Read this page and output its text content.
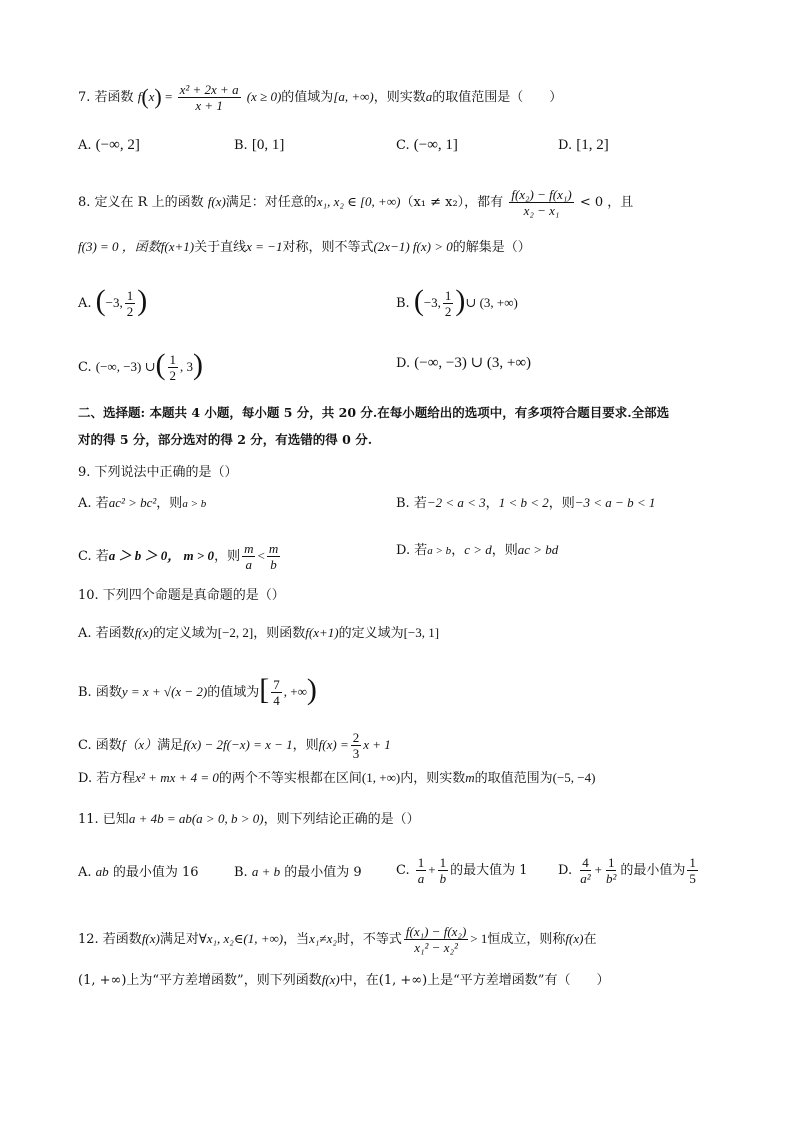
7. 若函数 $f(x) = \frac{\text{x² + 2x + a}}{x + 1} (x \ge 0)$的值域为[a, +∞)，则实数a的取值范围是（　　）
A. (−∞, 2]	B. [0, 1]	C. (−∞, 1]	D. [1, 2]
8. 定义在 R 上的函数 f(x)满足：对任意的x₁, x₂ ∈ [0, +∞)（x₁ ≠ x₂），都有 $\frac{\text{f(x₂) − f(x₁)}}{\text{x₂ − x₁}} < 0$ ，且
f(3) = 0 ，函数f(x+1)关于直线x = −1对称，则不等式(2x−1) f(x) > 0的解集是（）
A. (−3, $\frac{1}{2}$ )	B. (−3, $\frac{1}{2}$ )∪ (3, +∞)
C. (−∞, −3) ∪( $\frac{1}{2}$ , 3)	D. (−∞, −3) ∪ (3, +∞)
二、选择题: 本题共 4 小题，每小题 5 分，共 20 分.在每小题给出的选项中，有多项符合题目要求.全部选
对的得 5 分，部分选对的得 2 分，有选错的得 0 分.
9. 下列说法中正确的是（）
A. 若ac² > bc²，则a > b	B. 若−2 < a < 3，1 < b < 2，则−3 < a − b < 1
C. 若a ＞ b ＞ 0， m > 0，则 $\frac{m}{a} < \frac{m}{b}$	D. 若a > b，c > d，则ac > bd
10. 下列四个命题是真命题的是（）
A. 若函数f(x)的定义域为[−2, 2]，则函数f(x+1)的定义域为[−3, 1]
B. 函数y = x + √(x − 2)的值域为[ $\frac{7}{4}$ , +∞)
C. 函数f（x）满足f(x) − 2f(−x) = x − 1，则$f(x) = \frac{2}{3}$ x + 1
D. 若方程x² + mx + 4 = 0的两个不等实根都在区间(1, +∞)内，则实数m的取值范围为(−5, −4)
11. 已知a + 4b = ab(a > 0, b > 0)，则下列结论正确的是（）
A. ab 的最小值为 16	B. a + b 的最小值为 9	C. $\frac{1}{a} + \frac{1}{b}$ 的最大值为 1 D. $\frac{4}{\text{a²}} + \frac{1}{\text{b²}}$ 的最小值为 $\frac{1}{5}$
12. 若函数f(x)满足对∀x₁, x₂∈(1, +∞)，当x₁≠x₂时，不等式 $\frac{\text{f(x₁) − f(x₂)}}{\text{x₁² − x₂²}} > 1$恒成立，则称f(x)在
(1, +∞)上为“平方差增函数”，则下列函数f(x)中，在(1, +∞)上是“平方差增函数”有（　　）
